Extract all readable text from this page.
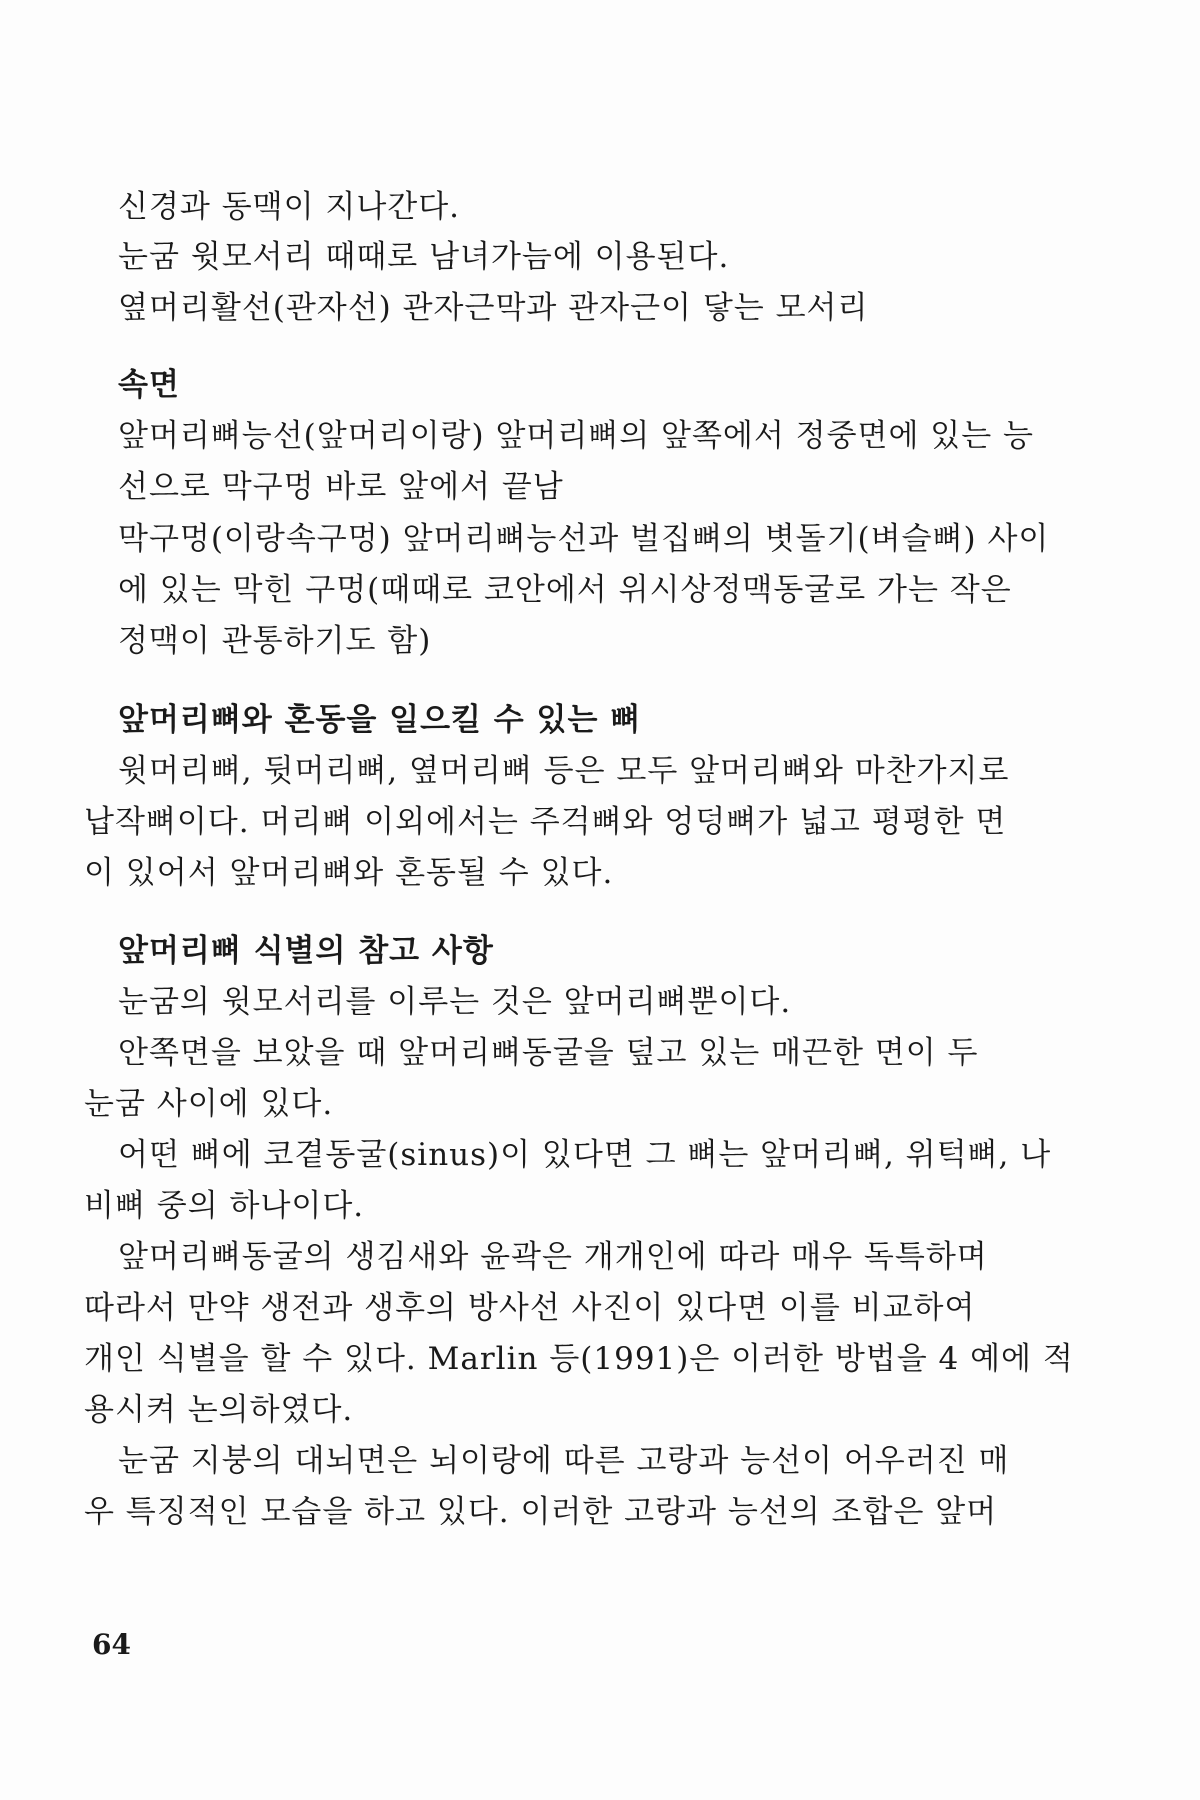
신경과 동맥이 지나간다.
눈굼 윗모서리 때때로 남녀가늠에 이용된다.
옆머리활선(관자선) 관자근막과 관자근이 닿는 모서리
속면
앞머리뼈능선(앞머리이랑) 앞머리뼈의 앞쪽에서 정중면에 있는 능
선으로 막구멍 바로 앞에서 끝남
막구멍(이랑속구멍) 앞머리뼈능선과 벌집뼈의 볏돌기(벼슬뼈) 사이
에 있는 막힌 구멍(때때로 코안에서 위시상정맥동굴로 가는 작은
정맥이 관통하기도 함)
앞머리뼈와 혼동을 일으킬 수 있는 뼈
윗머리뼈, 뒷머리뼈, 옆머리뼈 등은 모두 앞머리뼈와 마찬가지로
납작뼈이다. 머리뼈 이외에서는 주걱뼈와 엉덩뼈가 넓고 평평한 면
이 있어서 앞머리뼈와 혼동될 수 있다.
앞머리뼈 식별의 참고 사항
눈굼의 윗모서리를 이루는 것은 앞머리뼈뿐이다.
안쪽면을 보았을 때 앞머리뼈동굴을 덮고 있는 매끈한 면이 두
눈굼 사이에 있다.
어떤 뼈에 코곁동굴(sinus)이 있다면 그 뼈는 앞머리뼈, 위턱뼈, 나
비뼈 중의 하나이다.
앞머리뼈동굴의 생김새와 윤곽은 개개인에 따라 매우 독특하며
따라서 만약 생전과 생후의 방사선 사진이 있다면 이를 비교하여
개인 식별을 할 수 있다. Marlin 등(1991)은 이러한 방법을 4 예에 적
용시켜 논의하였다.
눈굼 지붕의 대뇌면은 뇌이랑에 따른 고랑과 능선이 어우러진 매
우 특징적인 모습을 하고 있다. 이러한 고랑과 능선의 조합은 앞머
64
